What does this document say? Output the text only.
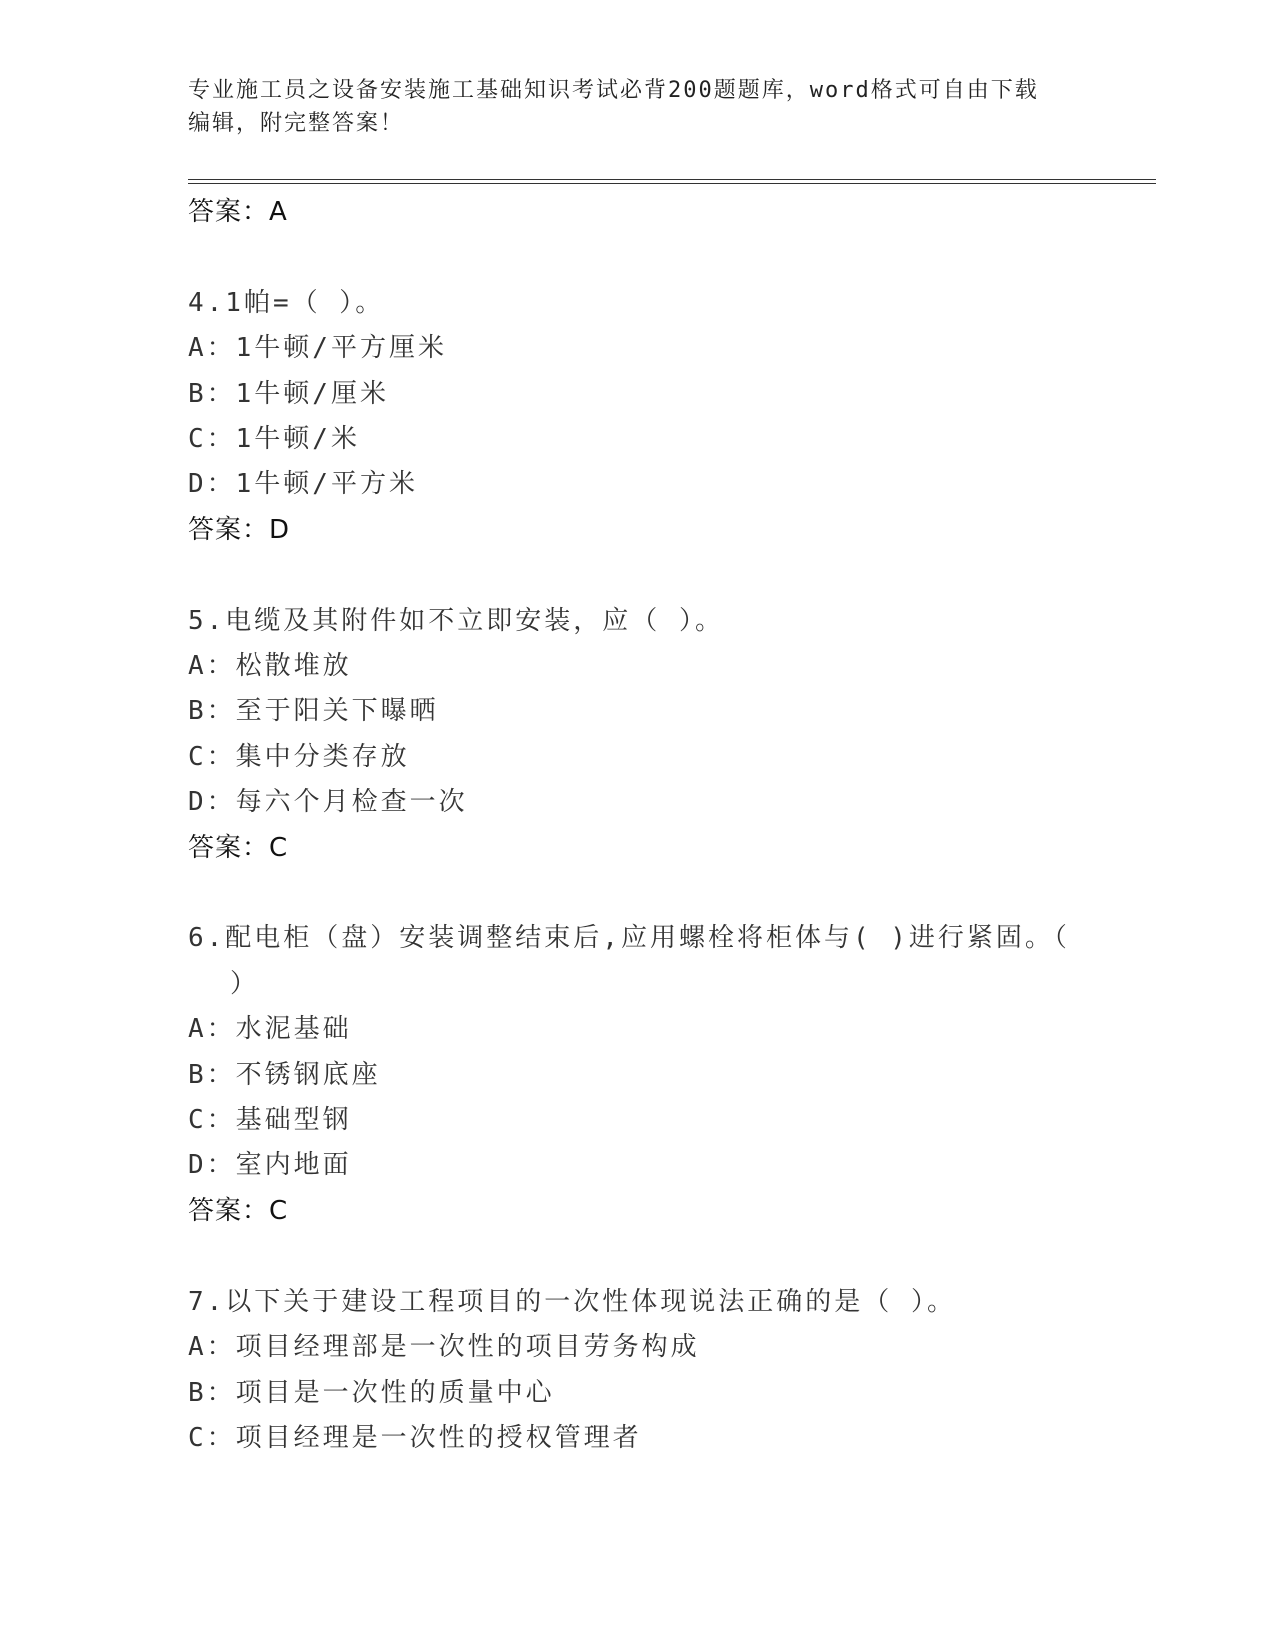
专业施工员之设备安装施工基础知识考试必背200题题库，word格式可自由下载
编辑，附完整答案！
答案：A
4.1帕=（ ）。
A：1牛顿/平方厘米
B：1牛顿/厘米
C：1牛顿/米
D：1牛顿/平方米
答案：D
5.电缆及其附件如不立即安装，应（ ）。
A：松散堆放
B：至于阳关下曝晒
C：集中分类存放
D：每六个月检查一次
答案：C
6.配电柜（盘）安装调整结束后,应用螺栓将柜体与( )进行紧固。（
）
A：水泥基础
B：不锈钢底座
C：基础型钢
D：室内地面
答案：C
7.以下关于建设工程项目的一次性体现说法正确的是（ ）。
A：项目经理部是一次性的项目劳务构成
B：项目是一次性的质量中心
C：项目经理是一次性的授权管理者
